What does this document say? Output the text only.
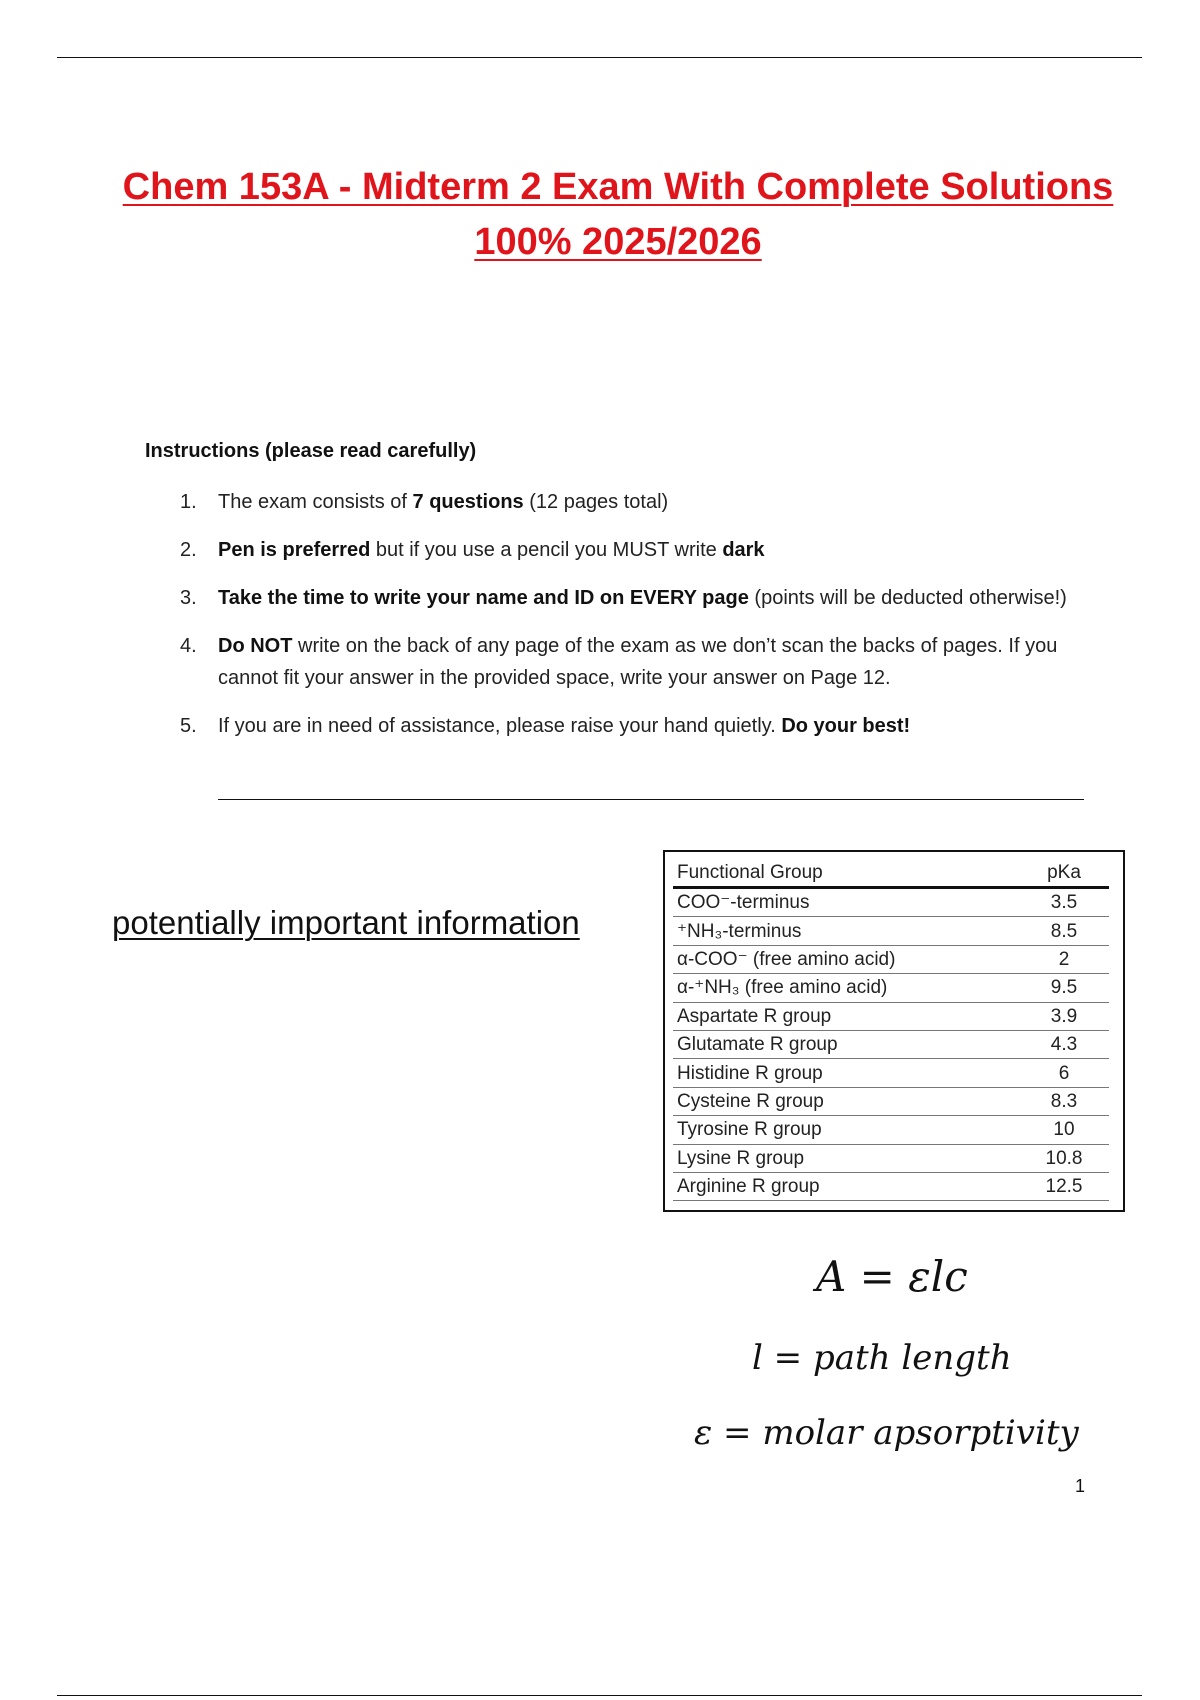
Chem 153A - Midterm 2 Exam With Complete Solutions
100% 2025/2026
Instructions (please read carefully)
1. The exam consists of 7 questions (12 pages total)
2. Pen is preferred but if you use a pencil you MUST write dark
3. Take the time to write your name and ID on EVERY page (points will be deducted otherwise!)
4. Do NOT write on the back of any page of the exam as we don’t scan the backs of pages. If you cannot fit your answer in the provided space, write your answer on Page 12.
5. If you are in need of assistance, please raise your hand quietly. Do your best!
potentially important information
Functional Group	pKa
COO⁻-terminus	3.5
⁺NH₃-terminus	8.5
α-COO⁻ (free amino acid)	2
α-⁺NH₃ (free amino acid)	9.5
Aspartate R group	3.9
Glutamate R group	4.3
Histidine R group	6
Cysteine R group	8.3
Tyrosine R group	10
Lysine R group	10.8
Arginine R group	12.5
A = εlc
l = path length
ε = molar apsorptivity
1
